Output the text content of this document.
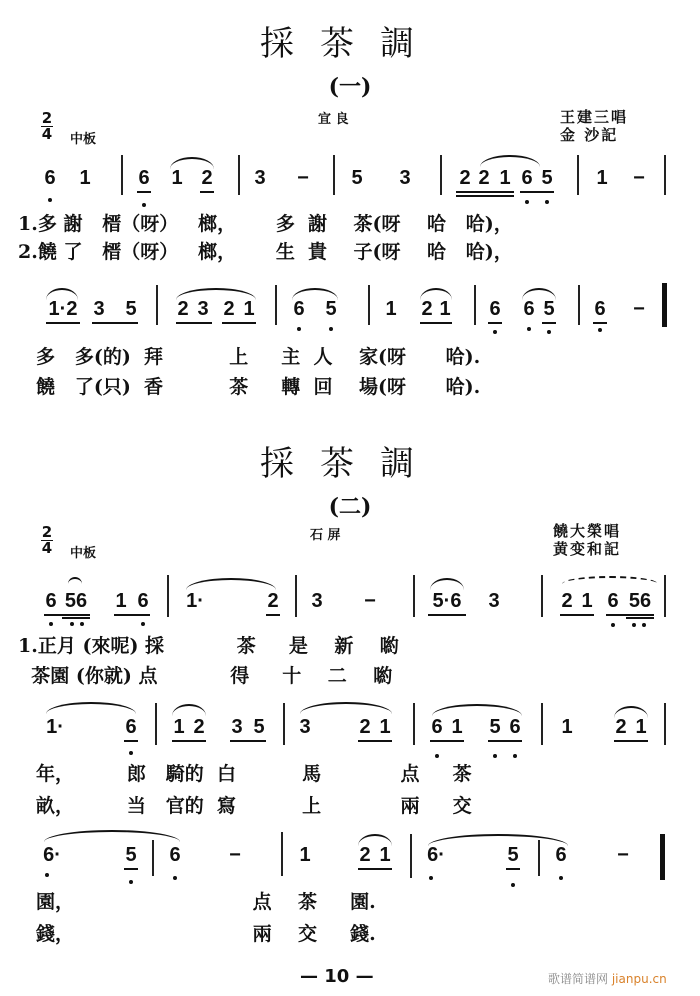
採茶調
(一)
2
4 中板
宜 良	王建三唱
金 沙記
6 1 6 1 2 3 − 5 3 2 2 1 6 5 1 −
1.多 謝   榗（呀）   榔，      多  謝    茶(呀    哈   哈)，
2.饒 了   榗（呀）   榔，      生  貴    子(呀    哈   哈)，
1·2 3 5 2 3 2 1 6 5 1 2 1 6 6 5 6 −
多   多(的)  拜          上     主  人    家(呀      哈).
饒   了(只)  香          茶     轉  回    場(呀      哈).
採茶調
(二)
2
4 中板
石 屏	饒大榮唱
黄变和記
6 56 1 6 1·	2 3 −	5·6 3	2 1 6 56
1.正月 (來呢) 採           茶     是    新    喲
茶園 (你就) 点           得     十    二    喲
1·	6 1 2 3 5 3 2 1 6 1 5 6 1 2 1
年，        郎   騎的  白          馬            点     茶
畝，        当   官的  寫          上            兩     交
6·	5 6 −	1 2 1 6·	5 6	−
園，                           点    茶     園.
錢，                           兩    交     錢.
— 10 —	歌谱简谱网 jianpu.cn
